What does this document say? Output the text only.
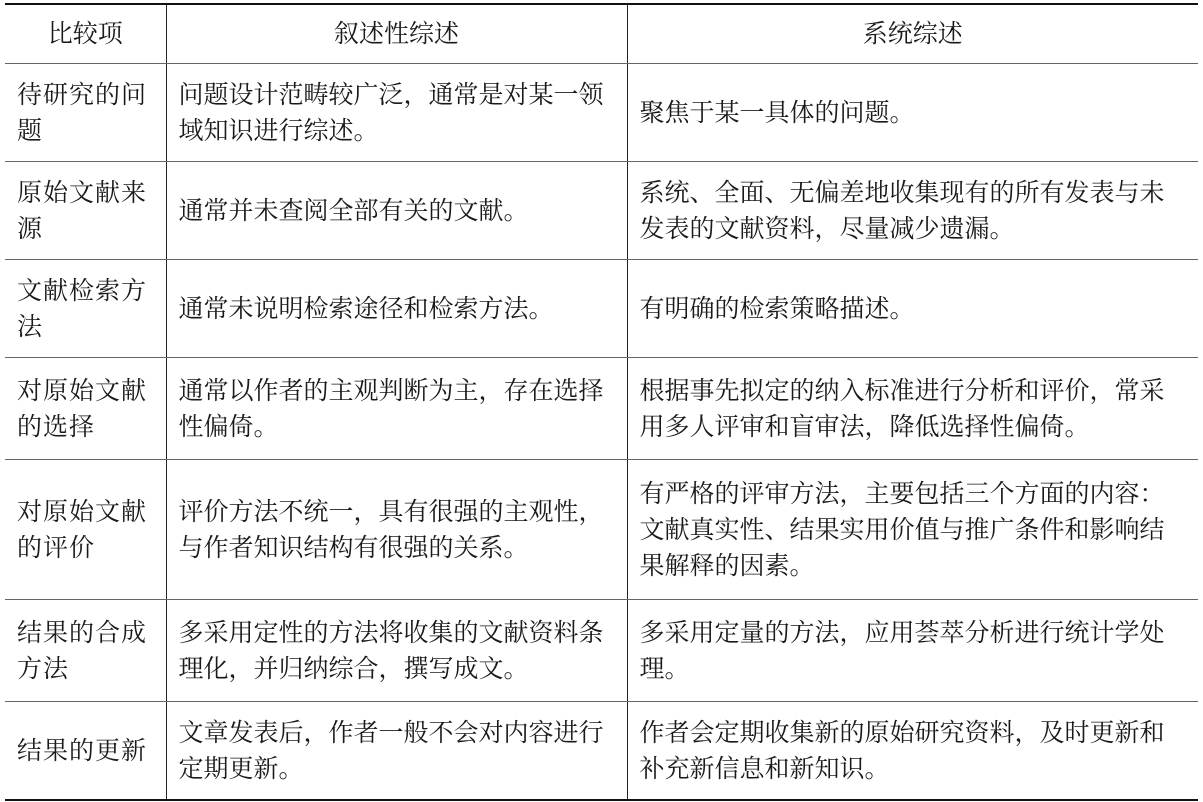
比较项	叙述性综述	系统综述
待研究的问题	问题设计范畴较广泛，通常是对某一领域知识进行综述。	聚焦于某一具体的问题。
原始文献来源	通常并未查阅全部有关的文献。	系统、全面、无偏差地收集现有的所有发表与未发表的文献资料，尽量减少遗漏。
文献检索方法	通常未说明检索途径和检索方法。	有明确的检索策略描述。
对原始文献的选择	通常以作者的主观判断为主，存在选择性偏倚。	根据事先拟定的纳入标准进行分析和评价，常采用多人评审和盲审法，降低选择性偏倚。
对原始文献的评价	评价方法不统一，具有很强的主观性，与作者知识结构有很强的关系。	有严格的评审方法，主要包括三个方面的内容：文献真实性、结果实用价值与推广条件和影响结果解释的因素。
结果的合成方法	多采用定性的方法将收集的文献资料条理化，并归纳综合，撰写成文。	多采用定量的方法，应用荟萃分析进行统计学处理。
结果的更新	文章发表后，作者一般不会对内容进行定期更新。	作者会定期收集新的原始研究资料，及时更新和补充新信息和新知识。
